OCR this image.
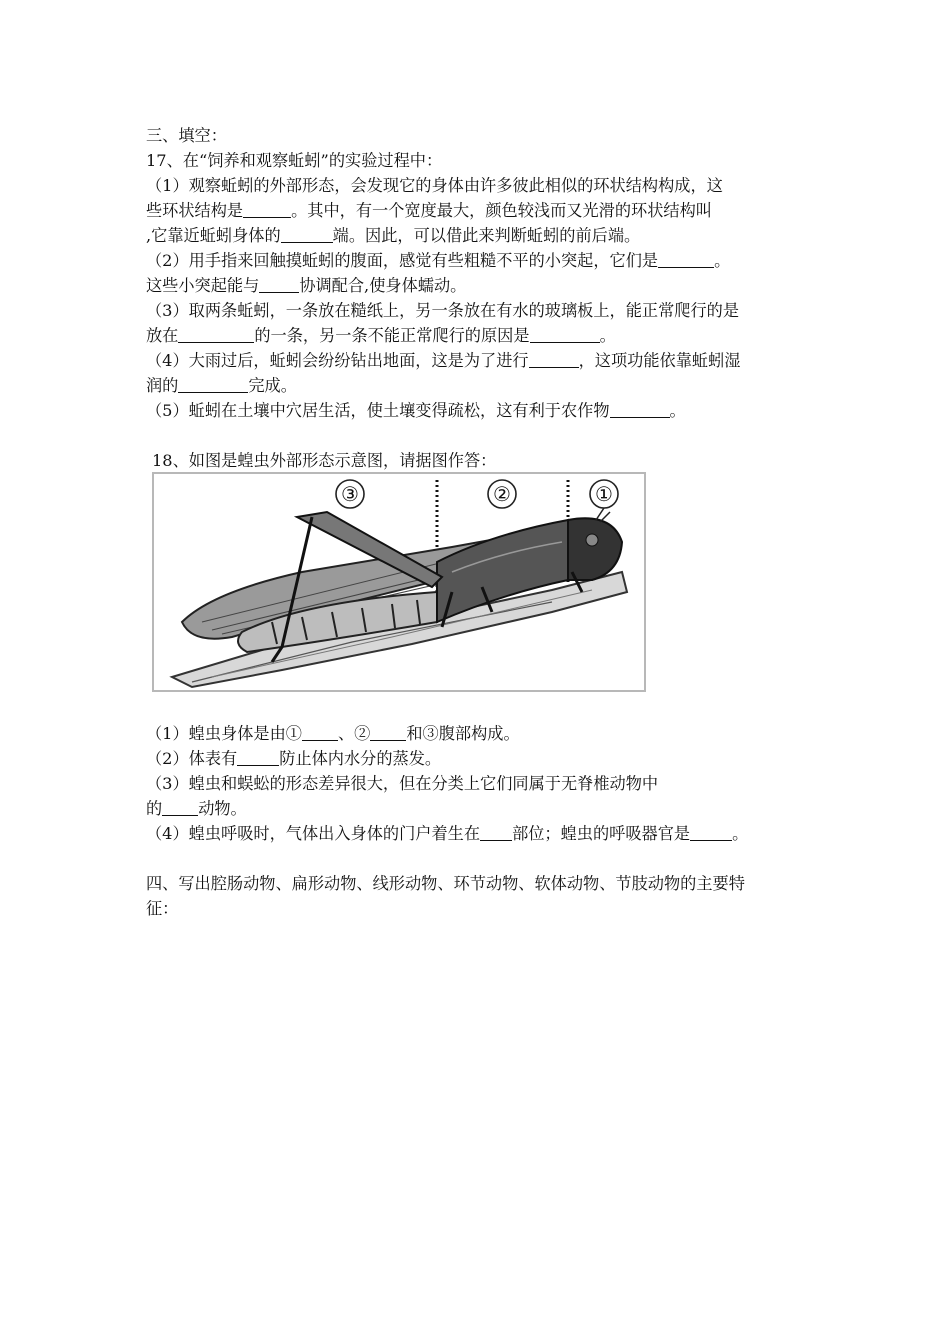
三、填空：
17、在“饲养和观察蚯蚓”的实验过程中：
（1）观察蚯蚓的外部形态，会发现它的身体由许多彼此相似的环状结构构成，这
些环状结构是	。其中，有一个宽度最大，颜色较浅而又光滑的环状结构叫
,它靠近蚯蚓身体的	端。因此，可以借此来判断蚯蚓的前后端。
（2）用手指来回触摸蚯蚓的腹面，感觉有些粗糙不平的小突起，它们是	。
这些小突起能与 协调配合,使身体蠕动。
（3）取两条蚯蚓，一条放在糙纸上，另一条放在有水的玻璃板上，能正常爬行的是
放在	的一条，另一条不能正常爬行的原因是	。
（4）大雨过后，蚯蚓会纷纷钻出地面，这是为了进行	，这项功能依靠蚯蚓湿
润的	完成。
（5）蚯蚓在土壤中穴居生活，使土壤变得疏松，这有利于农作物	。
18、如图是蝗虫外部形态示意图，请据图作答：
③	②	①
（1）蝗虫身体是由① 、② 和③腹部构成。
（2）体表有	防止体内水分的蒸发。
（3）蝗虫和蜈蚣的形态差异很大，但在分类上它们同属于无脊椎动物中
的 动物。
（4）蝗虫呼吸时，气体出入身体的门户着生在 部位；蝗虫的呼吸器官是	。
四、写出腔肠动物、扁形动物、线形动物、环节动物、软体动物、节肢动物的主要特
征：
